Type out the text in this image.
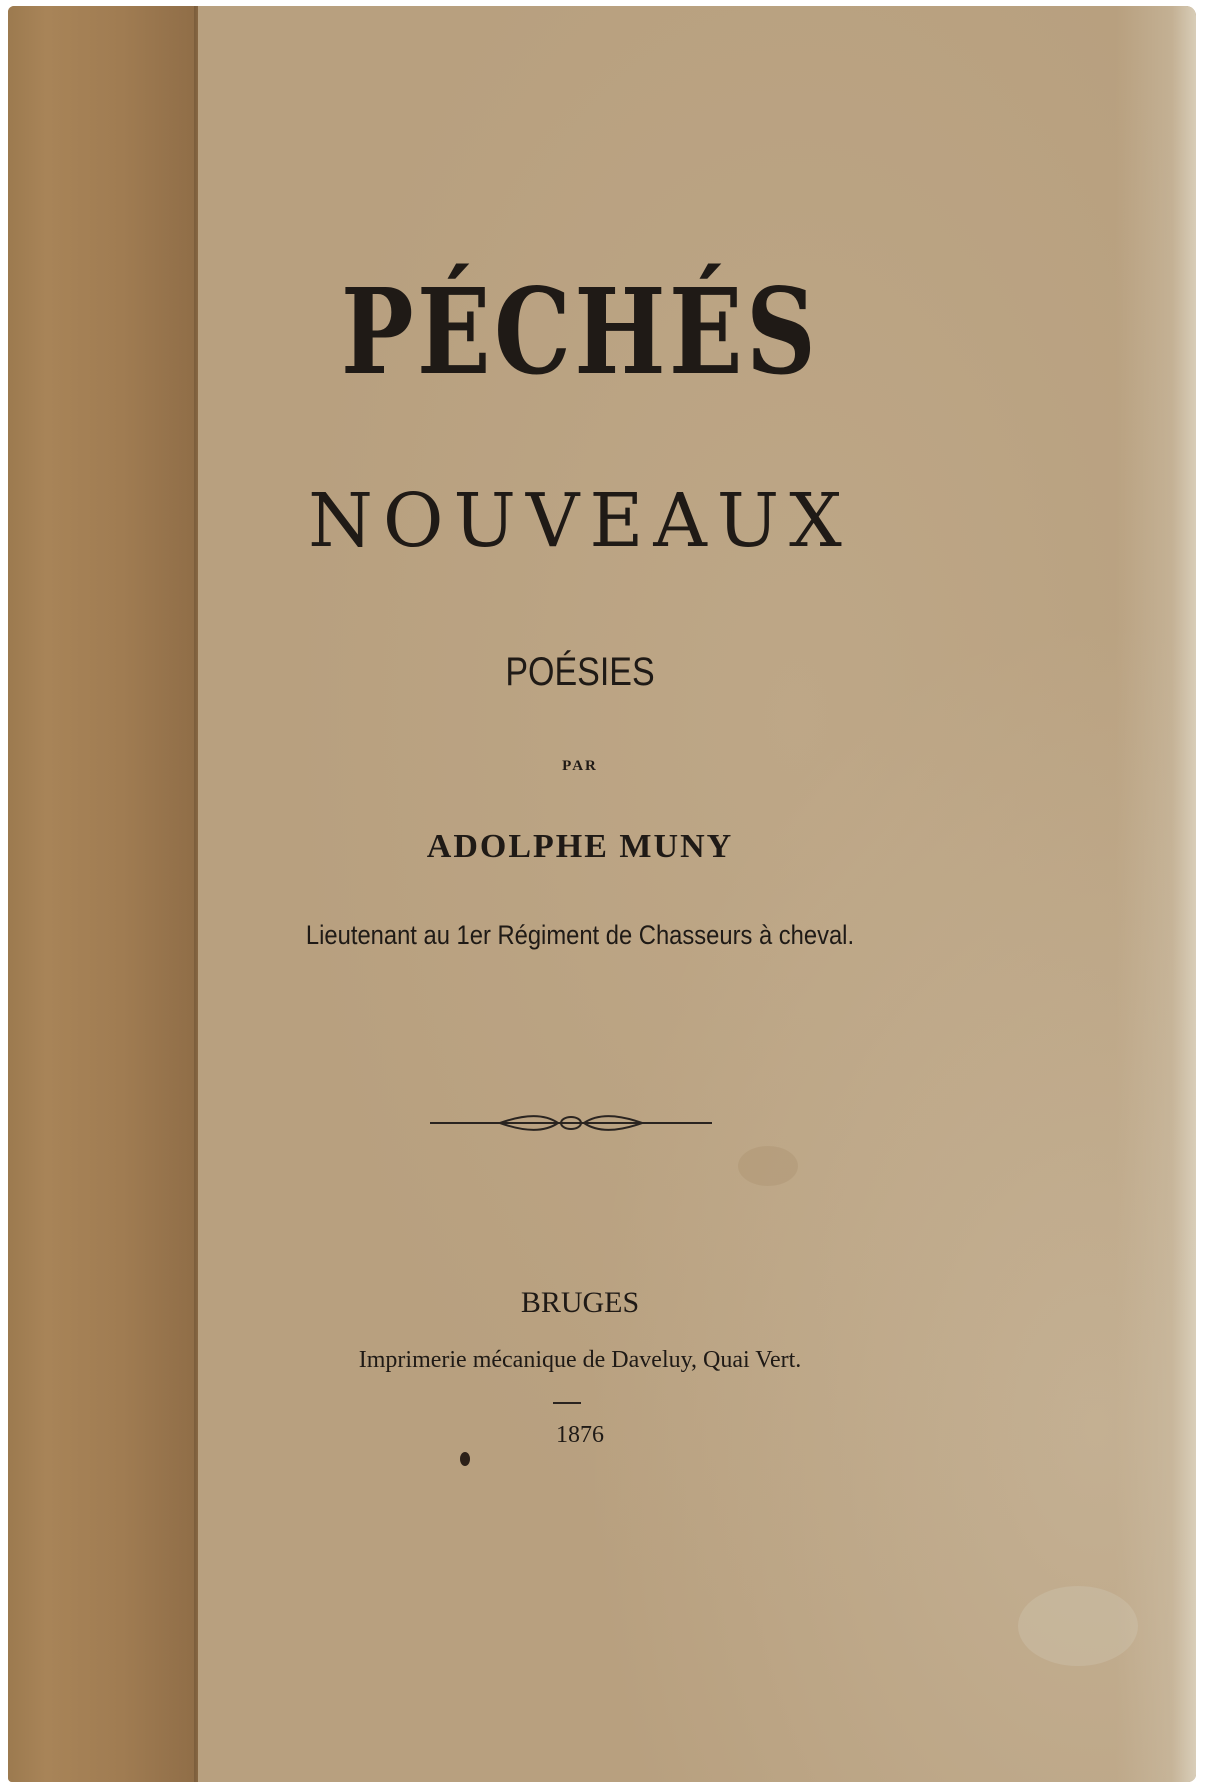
PÉCHÉS
NOUVEAUX
POÉSIES
PAR
ADOLPHE MUNY
Lieutenant au 1er Régiment de Chasseurs à cheval.
BRUGES
Imprimerie mécanique de Daveluy, Quai Vert.
1876
